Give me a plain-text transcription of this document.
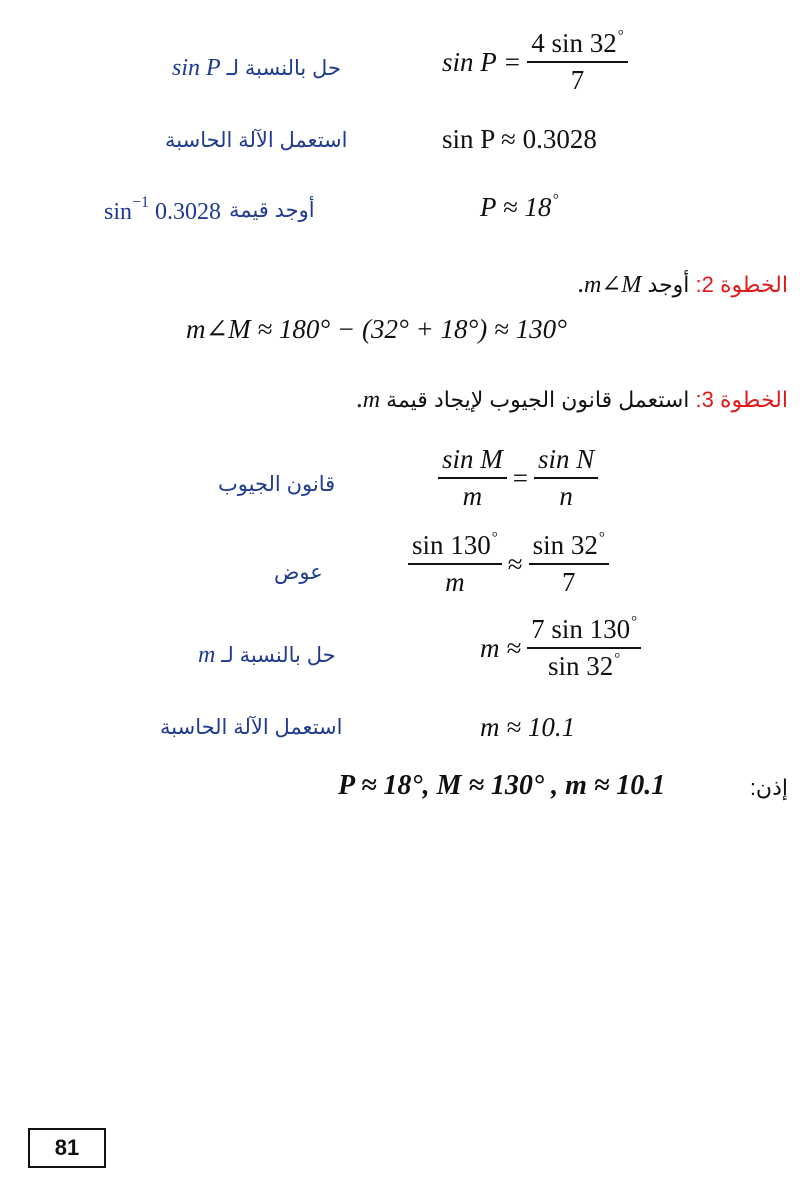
حل بالنسبة لـ sin P	$\sin P = \frac{4 \sin 32^\circ}{7}$
استعمل الآلة الحاسبة	sin P ≈ 0.3028
$\sin^{-1} 0.3028$ أوجد قيمة	P ≈ 18°
الخطوة 2: أوجد m∠M.
m∠M ≈ 180° − (32° + 18°) ≈ 130°
الخطوة 3: استعمل قانون الجيوب لإيجاد قيمة m.
قانون الجيوب	$\frac{\text{sin M}}{m} = \frac{\text{sin N}}{n}$
عوض	$\frac{\sin 130^\circ}{m} \approx \frac{\sin 32^\circ}{7}$
حل بالنسبة لـ m	$m \approx \frac{7 \sin 130^\circ}{\sin 32^\circ}$
استعمل الآلة الحاسبة	m ≈ 10.1
إذن:
P ≈ 18°, M ≈ 130° , m ≈ 10.1
81
